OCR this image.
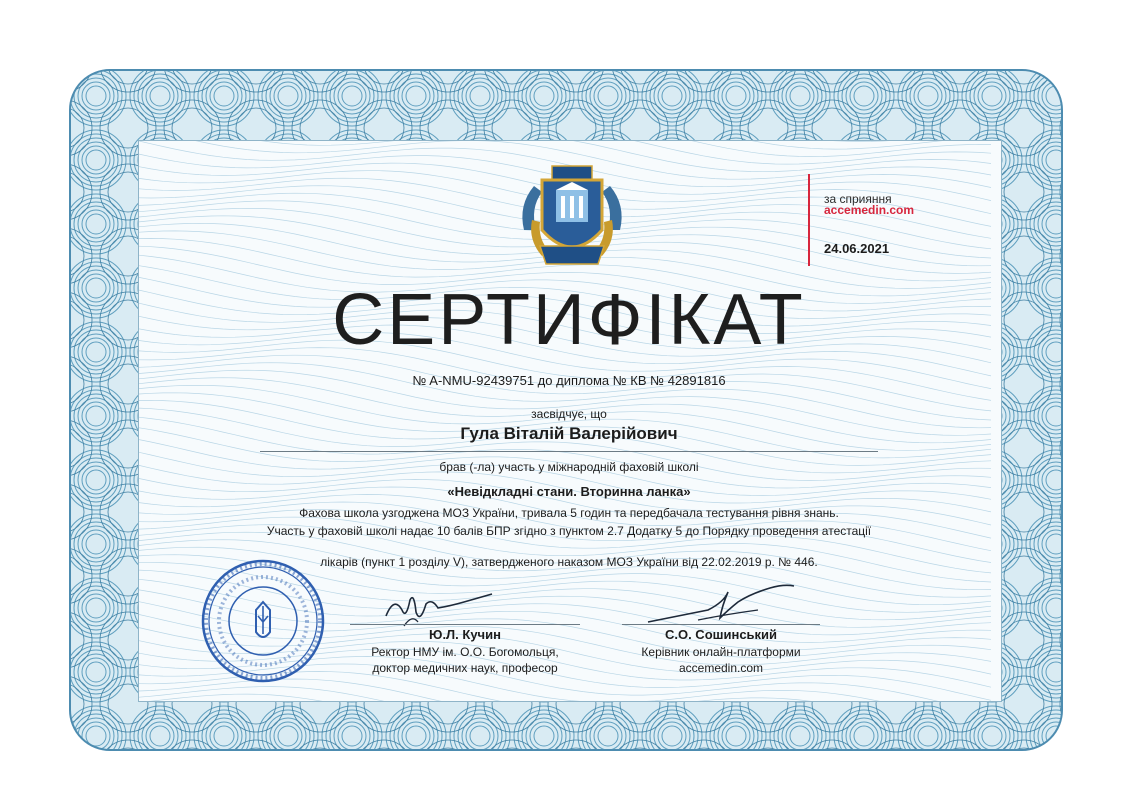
за сприяння
accemedin.com
24.06.2021
СЕРТИФІКАТ
№ A-NMU-92439751 до диплома № КВ № 42891816
засвідчує, що
Гула Віталій Валерійович
брав (-ла) участь у міжнародній фаховій школі
«Невідкладні стани. Вторинна ланка»
Фахова школа узгоджена МОЗ України, тривала 5 годин та передбачала тестування рівня знань.
Участь у фаховій школі надає 10 балів БПР згідно з пунктом 2.7 Додатку 5 до Порядку проведення атестації
лікарів (пункт 1 розділу V), затвердженого наказом МОЗ України від 22.02.2019 р. № 446.
Ю.Л. Кучин
Ректор НМУ ім. О.О. Богомольця,
доктор медичних наук, професор
С.О. Сошинський
Керівник онлайн-платформи
accemedin.com
